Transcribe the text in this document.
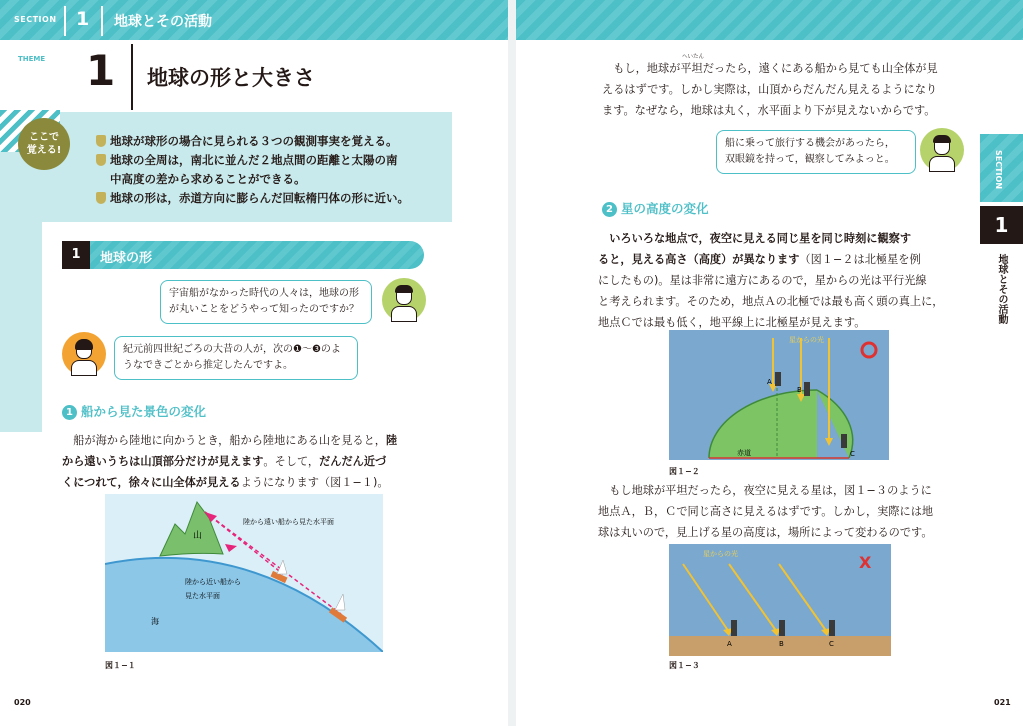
SECTION 1 地球とその活動
THEME 1 地球の形と大きさ
ここで
覚える!
地球が球形の場合に見られる３つの観測事実を覚える。
地球の全周は，南北に並んだ２地点間の距離と太陽の南
中高度の差から求めることができる。
地球の形は，赤道方向に膨らんだ回転楕円体の形に近い。
1	地球の形
宇宙船がなかった時代の人々は，地球の形
が丸いことをどうやって知ったのですか？
紀元前四世紀ごろの大昔の人が，次の❶～❸のよ
うなできごとから推定したんですよ。
1 船から見た景色の変化
　船が海から陸地に向かうとき，船から陸地にある山を見ると，陸
から遠いうちは山頂部分だけが見えます。そして，だんだん近づ
くにつれて，徐々に山全体が見えるようになります（図１−１)。
山
陸から遠い船から見た水平面
陸から近い船から
見た水平面
海
図１−１
020
へいたん
　もし，地球が平坦だったら，遠くにある船から見ても山全体が見
えるはずです。しかし実際は，山頂からだんだん見えるようになり
ます。なぜなら，地球は丸く，水平面より下が見えないからです。
船に乗って旅行する機会があったら，
双眼鏡を持って，観察してみよっと。
2 星の高度の変化
　いろいろな地点で，夜空に見える同じ星を同じ時刻に観察す
ると，見える高さ（高度）が異なります（図１−２は北極星を例
にしたもの)。星は非常に遠方にあるので，星からの光は平行光線
と考えられます。そのため，地点Ａの北極では最も高く頭の真上に，
地点Ｃでは最も低く，地平線上に北極星が見えます。
星からの光
A
B
C
赤道
図１−２
　もし地球が平坦だったら，夜空に見える星は，図１−３のように
地点Ａ，Ｂ，Ｃで同じ高さに見えるはずです。しかし，実際には地
球は丸いので，見上げる星の高度は，場所によって変わるのです。
星からの光	X
A	B	C
図１−３
SECTION
1
地球とその活動
021
